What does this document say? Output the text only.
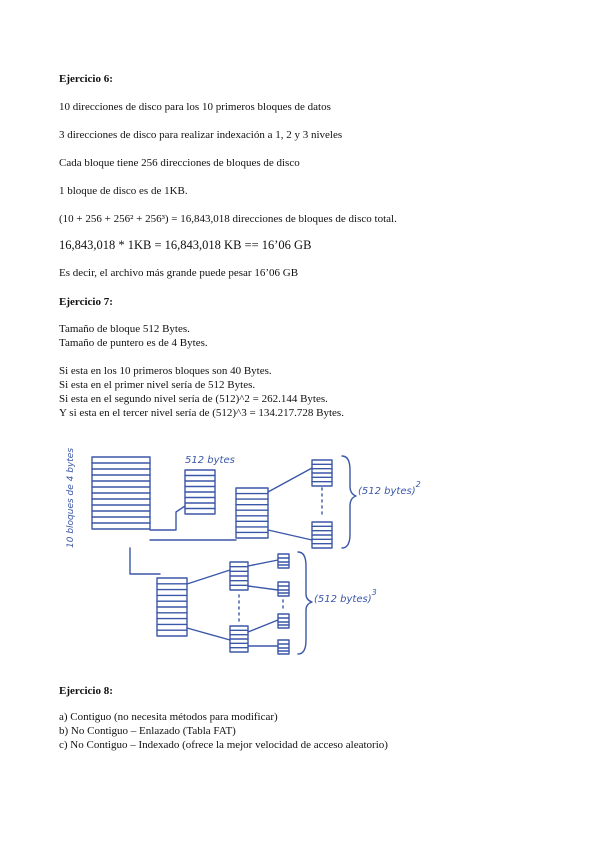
Ejercicio 6:
10 direcciones de disco para los 10 primeros bloques de datos
3 direcciones de disco para realizar indexación a 1, 2 y 3 niveles
Cada bloque tiene 256 direcciones de bloques de disco
1 bloque de disco es de 1KB.
(10 + 256 + 256² + 256³) = 16,843,018 direcciones de bloques de disco total.
16,843,018 * 1KB = 16,843,018 KB == 16’06 GB
Es decir, el archivo más grande puede pesar 16’06 GB
Ejercicio 7:
Tamaño de bloque 512 Bytes.
Tamaño de puntero es de 4 Bytes.
Si esta en los 10 primeros bloques son 40 Bytes.
Si esta en el primer nivel sería de 512 Bytes.
Si esta en el segundo nivel sería de (512)^2 = 262.144 Bytes.
Y si esta en el tercer nivel sería de (512)^3 = 134.217.728 Bytes.
10 bloques de 4 bytes	512 bytes
(512 bytes)$^2$
(512 bytes)$^3$
Ejercicio 8:
a) Contiguo (no necesita métodos para modificar)
b) No Contiguo – Enlazado (Tabla FAT)
c) No Contiguo – Indexado (ofrece la mejor velocidad de acceso aleatorio)
